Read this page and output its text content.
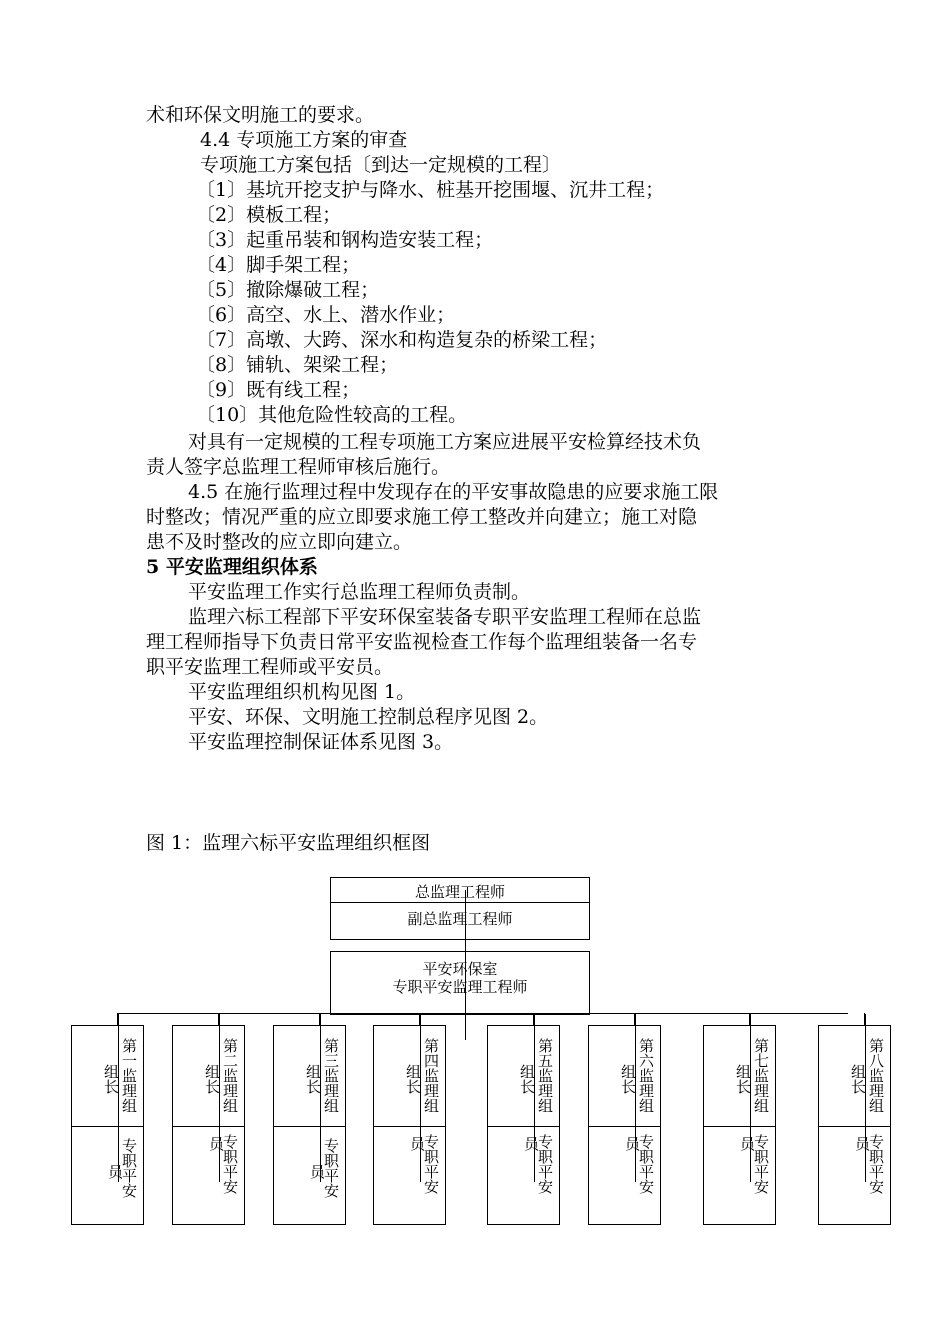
术和环保文明施工的要求。
4.4 专项施工方案的审查
专项施工方案包括〔到达一定规模的工程〕
〔1〕基坑开挖支护与降水、桩基开挖围堰、沉井工程；
〔2〕模板工程；
〔3〕起重吊装和钢构造安装工程；
〔4〕脚手架工程；
〔5〕撤除爆破工程；
〔6〕高空、水上、潜水作业；
〔7〕高墩、大跨、深水和构造复杂的桥梁工程；
〔8〕铺轨、架梁工程；
〔9〕既有线工程；
〔10〕其他危险性较高的工程。
对具有一定规模的工程专项施工方案应进展平安检算经技术负
责人签字总监理工程师审核后施行。
4.5 在施行监理过程中发现存在的平安事故隐患的应要求施工限
时整改；情况严重的应立即要求施工停工整改并向建立；施工对隐
患不及时整改的应立即向建立。
5 平安监理组织体系
平安监理工作实行总监理工程师负责制。
监理六标工程部下平安环保室装备专职平安监理工程师在总监
理工程师指导下负责日常平安监视检查工作每个监理组装备一名专
职平安监理工程师或平安员。
平安监理组织机构见图 1。
平安、环保、文明施工控制总程序见图 2。
平安监理控制保证体系见图 3。
图 1：监理六标平安监理组织框图
总监理工程师
副总监理工程师
平安环保室
专职平安监理工程师
第一监理组
组长
专职平安
员
第二监理组
组长
专职平安
员
第三监理组
组长
专职平安
员
第四监理组
组长
专职平安
员
第五监理组
组长
专职平安
员
第六监理组
组长
专职平安
员
第七监理组
组长
专职平安
员
第八监理组
组长
专职平安
员
